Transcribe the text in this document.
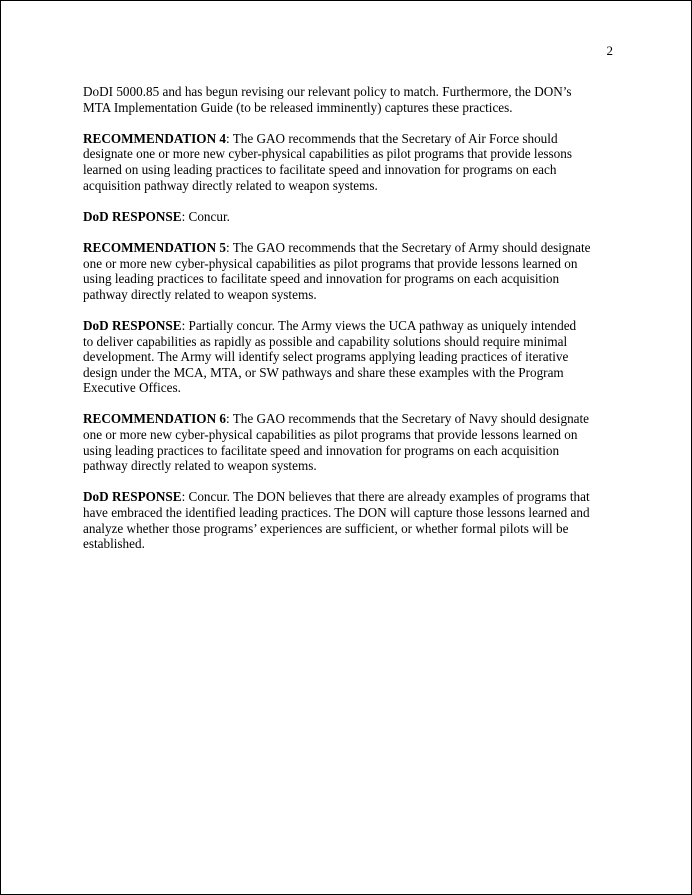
2

DoDI 5000.85 and has begun revising our relevant policy to match. Furthermore, the DON’s
MTA Implementation Guide (to be released imminently) captures these practices.

RECOMMENDATION 4: The GAO recommends that the Secretary of Air Force should
designate one or more new cyber-physical capabilities as pilot programs that provide lessons
learned on using leading practices to facilitate speed and innovation for programs on each
acquisition pathway directly related to weapon systems.

DoD RESPONSE: Concur.

RECOMMENDATION 5: The GAO recommends that the Secretary of Army should designate
one or more new cyber-physical capabilities as pilot programs that provide lessons learned on
using leading practices to facilitate speed and innovation for programs on each acquisition
pathway directly related to weapon systems.

DoD RESPONSE: Partially concur. The Army views the UCA pathway as uniquely intended
to deliver capabilities as rapidly as possible and capability solutions should require minimal
development. The Army will identify select programs applying leading practices of iterative
design under the MCA, MTA, or SW pathways and share these examples with the Program
Executive Offices.

RECOMMENDATION 6: The GAO recommends that the Secretary of Navy should designate
one or more new cyber-physical capabilities as pilot programs that provide lessons learned on
using leading practices to facilitate speed and innovation for programs on each acquisition
pathway directly related to weapon systems.

DoD RESPONSE: Concur. The DON believes that there are already examples of programs that
have embraced the identified leading practices. The DON will capture those lessons learned and
analyze whether those programs’ experiences are sufficient, or whether formal pilots will be
established.
